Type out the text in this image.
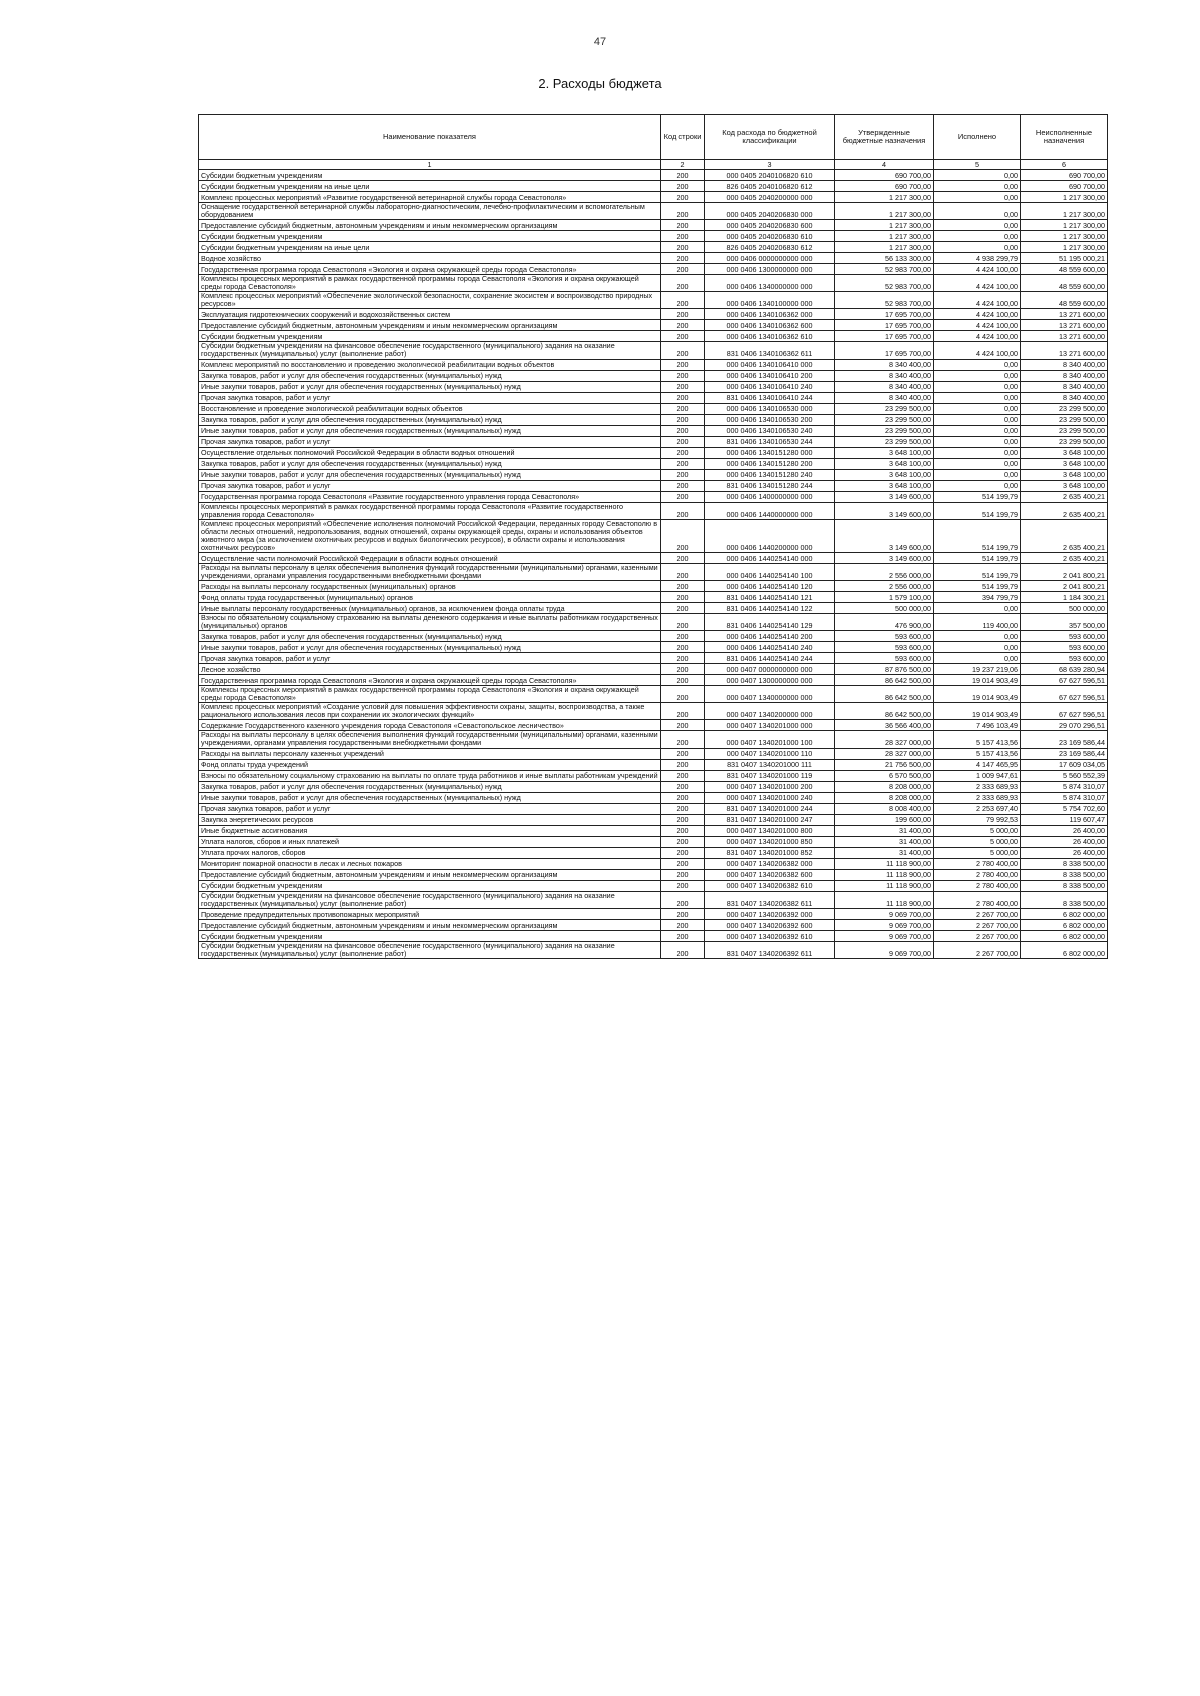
47
2. Расходы бюджета
Наименование показателя	Код строки	Код расхода по бюджетной классификации	Утвержденные бюджетные назначения	Исполнено	Неисполненные назначения
1	2	3	4	5	6
Субсидии бюджетным учреждениям	200	000 0405 2040106820 610	690 700,00	0,00	690 700,00
Субсидии бюджетным учреждениям на иные цели	200	826 0405 2040106820 612	690 700,00	0,00	690 700,00
Комплекс процессных мероприятий «Развитие государственной ветеринарной службы города Севастополя»	200	000 0405 2040200000 000	1 217 300,00	0,00	1 217 300,00
Оснащение государственной ветеринарной службы лабораторно-диагностическим, лечебно-профилактическим и вспомогательным оборудованием	200	000 0405 2040206830 000	1 217 300,00	0,00	1 217 300,00
Предоставление субсидий бюджетным, автономным учреждениям и иным некоммерческим организациям	200	000 0405 2040206830 600	1 217 300,00	0,00	1 217 300,00
Субсидии бюджетным учреждениям	200	000 0405 2040206830 610	1 217 300,00	0,00	1 217 300,00
Субсидии бюджетным учреждениям на иные цели	200	826 0405 2040206830 612	1 217 300,00	0,00	1 217 300,00
Водное хозяйство	200	000 0406 0000000000 000	56 133 300,00	4 938 299,79	51 195 000,21
Государственная программа города Севастополя «Экология и охрана окружающей среды города Севастополя»	200	000 0406 1300000000 000	52 983 700,00	4 424 100,00	48 559 600,00
Комплексы процессных мероприятий в рамках государственной программы города Севастополя «Экология и охрана окружающей среды города Севастополя»	200	000 0406 1340000000 000	52 983 700,00	4 424 100,00	48 559 600,00
Комплекс процессных мероприятий «Обеспечение экологической безопасности, сохранение экосистем и воспроизводство природных ресурсов»	200	000 0406 1340100000 000	52 983 700,00	4 424 100,00	48 559 600,00
Эксплуатация гидротехнических сооружений и водохозяйственных систем	200	000 0406 1340106362 000	17 695 700,00	4 424 100,00	13 271 600,00
Предоставление субсидий бюджетным, автономным учреждениям и иным некоммерческим организациям	200	000 0406 1340106362 600	17 695 700,00	4 424 100,00	13 271 600,00
Субсидии бюджетным учреждениям	200	000 0406 1340106362 610	17 695 700,00	4 424 100,00	13 271 600,00
Субсидии бюджетным учреждениям на финансовое обеспечение государственного (муниципального) задания на оказание государственных (муниципальных) услуг (выполнение работ)	200	831 0406 1340106362 611	17 695 700,00	4 424 100,00	13 271 600,00
Комплекс мероприятий по восстановлению и проведению экологической реабилитации водных объектов	200	000 0406 1340106410 000	8 340 400,00	0,00	8 340 400,00
Закупка товаров, работ и услуг для обеспечения государственных (муниципальных) нужд	200	000 0406 1340106410 200	8 340 400,00	0,00	8 340 400,00
Иные закупки товаров, работ и услуг для обеспечения государственных (муниципальных) нужд	200	000 0406 1340106410 240	8 340 400,00	0,00	8 340 400,00
Прочая закупка товаров, работ и услуг	200	831 0406 1340106410 244	8 340 400,00	0,00	8 340 400,00
Восстановление и проведение экологической реабилитации водных объектов	200	000 0406 1340106530 000	23 299 500,00	0,00	23 299 500,00
Закупка товаров, работ и услуг для обеспечения государственных (муниципальных) нужд	200	000 0406 1340106530 200	23 299 500,00	0,00	23 299 500,00
Иные закупки товаров, работ и услуг для обеспечения государственных (муниципальных) нужд	200	000 0406 1340106530 240	23 299 500,00	0,00	23 299 500,00
Прочая закупка товаров, работ и услуг	200	831 0406 1340106530 244	23 299 500,00	0,00	23 299 500,00
Осуществление отдельных полномочий Российской Федерации в области водных отношений	200	000 0406 1340151280 000	3 648 100,00	0,00	3 648 100,00
Закупка товаров, работ и услуг для обеспечения государственных (муниципальных) нужд	200	000 0406 1340151280 200	3 648 100,00	0,00	3 648 100,00
Иные закупки товаров, работ и услуг для обеспечения государственных (муниципальных) нужд	200	000 0406 1340151280 240	3 648 100,00	0,00	3 648 100,00
Прочая закупка товаров, работ и услуг	200	831 0406 1340151280 244	3 648 100,00	0,00	3 648 100,00
Государственная программа города Севастополя «Развитие государственного управления города Севастополя»	200	000 0406 1400000000 000	3 149 600,00	514 199,79	2 635 400,21
Комплексы процессных мероприятий в рамках государственной программы города Севастополя «Развитие государственного управления города Севастополя»	200	000 0406 1440000000 000	3 149 600,00	514 199,79	2 635 400,21
Комплекс процессных мероприятий «Обеспечение исполнения полномочий Российской Федерации, переданных городу Севастополю в области лесных отношений, недропользования, водных отношений, охраны окружающей среды, охраны и использования объектов животного мира (за исключением охотничьих ресурсов и водных биологических ресурсов), в области охраны и использования охотничьих ресурсов»	200	000 0406 1440200000 000	3 149 600,00	514 199,79	2 635 400,21
Осуществление части полномочий Российской Федерации в области водных отношений	200	000 0406 1440254140 000	3 149 600,00	514 199,79	2 635 400,21
Расходы на выплаты персоналу в целях обеспечения выполнения функций государственными (муниципальными) органами, казенными учреждениями, органами управления государственными внебюджетными фондами	200	000 0406 1440254140 100	2 556 000,00	514 199,79	2 041 800,21
Расходы на выплаты персоналу государственных (муниципальных) органов	200	000 0406 1440254140 120	2 556 000,00	514 199,79	2 041 800,21
Фонд оплаты труда государственных (муниципальных) органов	200	831 0406 1440254140 121	1 579 100,00	394 799,79	1 184 300,21
Иные выплаты персоналу государственных (муниципальных) органов, за исключением фонда оплаты труда	200	831 0406 1440254140 122	500 000,00	0,00	500 000,00
Взносы по обязательному социальному страхованию на выплаты денежного содержания и иные выплаты работникам государственных (муниципальных) органов	200	831 0406 1440254140 129	476 900,00	119 400,00	357 500,00
Закупка товаров, работ и услуг для обеспечения государственных (муниципальных) нужд	200	000 0406 1440254140 200	593 600,00	0,00	593 600,00
Иные закупки товаров, работ и услуг для обеспечения государственных (муниципальных) нужд	200	000 0406 1440254140 240	593 600,00	0,00	593 600,00
Прочая закупка товаров, работ и услуг	200	831 0406 1440254140 244	593 600,00	0,00	593 600,00
Лесное хозяйство	200	000 0407 0000000000 000	87 876 500,00	19 237 219,06	68 639 280,94
Государственная программа города Севастополя «Экология и охрана окружающей среды города Севастополя»	200	000 0407 1300000000 000	86 642 500,00	19 014 903,49	67 627 596,51
Комплексы процессных мероприятий в рамках государственной программы города Севастополя «Экология и охрана окружающей среды города Севастополя»	200	000 0407 1340000000 000	86 642 500,00	19 014 903,49	67 627 596,51
Комплекс процессных мероприятий «Создание условий для повышения эффективности охраны, защиты, воспроизводства, а также рационального использования лесов при сохранении их экологических функций»	200	000 0407 1340200000 000	86 642 500,00	19 014 903,49	67 627 596,51
Содержание Государственного казенного учреждения города Севастополя «Севастопольское лесничество»	200	000 0407 1340201000 000	36 566 400,00	7 496 103,49	29 070 296,51
Расходы на выплаты персоналу в целях обеспечения выполнения функций государственными (муниципальными) органами, казенными учреждениями, органами управления государственными внебюджетными фондами	200	000 0407 1340201000 100	28 327 000,00	5 157 413,56	23 169 586,44
Расходы на выплаты персоналу казенных учреждений	200	000 0407 1340201000 110	28 327 000,00	5 157 413,56	23 169 586,44
Фонд оплаты труда учреждений	200	831 0407 1340201000 111	21 756 500,00	4 147 465,95	17 609 034,05
Взносы по обязательному социальному страхованию на выплаты по оплате труда работников и иные выплаты работникам учреждений	200	831 0407 1340201000 119	6 570 500,00	1 009 947,61	5 560 552,39
Закупка товаров, работ и услуг для обеспечения государственных (муниципальных) нужд	200	000 0407 1340201000 200	8 208 000,00	2 333 689,93	5 874 310,07
Иные закупки товаров, работ и услуг для обеспечения государственных (муниципальных) нужд	200	000 0407 1340201000 240	8 208 000,00	2 333 689,93	5 874 310,07
Прочая закупка товаров, работ и услуг	200	831 0407 1340201000 244	8 008 400,00	2 253 697,40	5 754 702,60
Закупка энергетических ресурсов	200	831 0407 1340201000 247	199 600,00	79 992,53	119 607,47
Иные бюджетные ассигнования	200	000 0407 1340201000 800	31 400,00	5 000,00	26 400,00
Уплата налогов, сборов и иных платежей	200	000 0407 1340201000 850	31 400,00	5 000,00	26 400,00
Уплата прочих налогов, сборов	200	831 0407 1340201000 852	31 400,00	5 000,00	26 400,00
Мониторинг пожарной опасности в лесах и лесных пожаров	200	000 0407 1340206382 000	11 118 900,00	2 780 400,00	8 338 500,00
Предоставление субсидий бюджетным, автономным учреждениям и иным некоммерческим организациям	200	000 0407 1340206382 600	11 118 900,00	2 780 400,00	8 338 500,00
Субсидии бюджетным учреждениям	200	000 0407 1340206382 610	11 118 900,00	2 780 400,00	8 338 500,00
Субсидии бюджетным учреждениям на финансовое обеспечение государственного (муниципального) задания на оказание государственных (муниципальных) услуг (выполнение работ)	200	831 0407 1340206382 611	11 118 900,00	2 780 400,00	8 338 500,00
Проведение предупредительных противопожарных мероприятий	200	000 0407 1340206392 000	9 069 700,00	2 267 700,00	6 802 000,00
Предоставление субсидий бюджетным, автономным учреждениям и иным некоммерческим организациям	200	000 0407 1340206392 600	9 069 700,00	2 267 700,00	6 802 000,00
Субсидии бюджетным учреждениям	200	000 0407 1340206392 610	9 069 700,00	2 267 700,00	6 802 000,00
Субсидии бюджетным учреждениям на финансовое обеспечение государственного (муниципального) задания на оказание государственных (муниципальных) услуг (выполнение работ)	200	831 0407 1340206392 611	9 069 700,00	2 267 700,00	6 802 000,00
